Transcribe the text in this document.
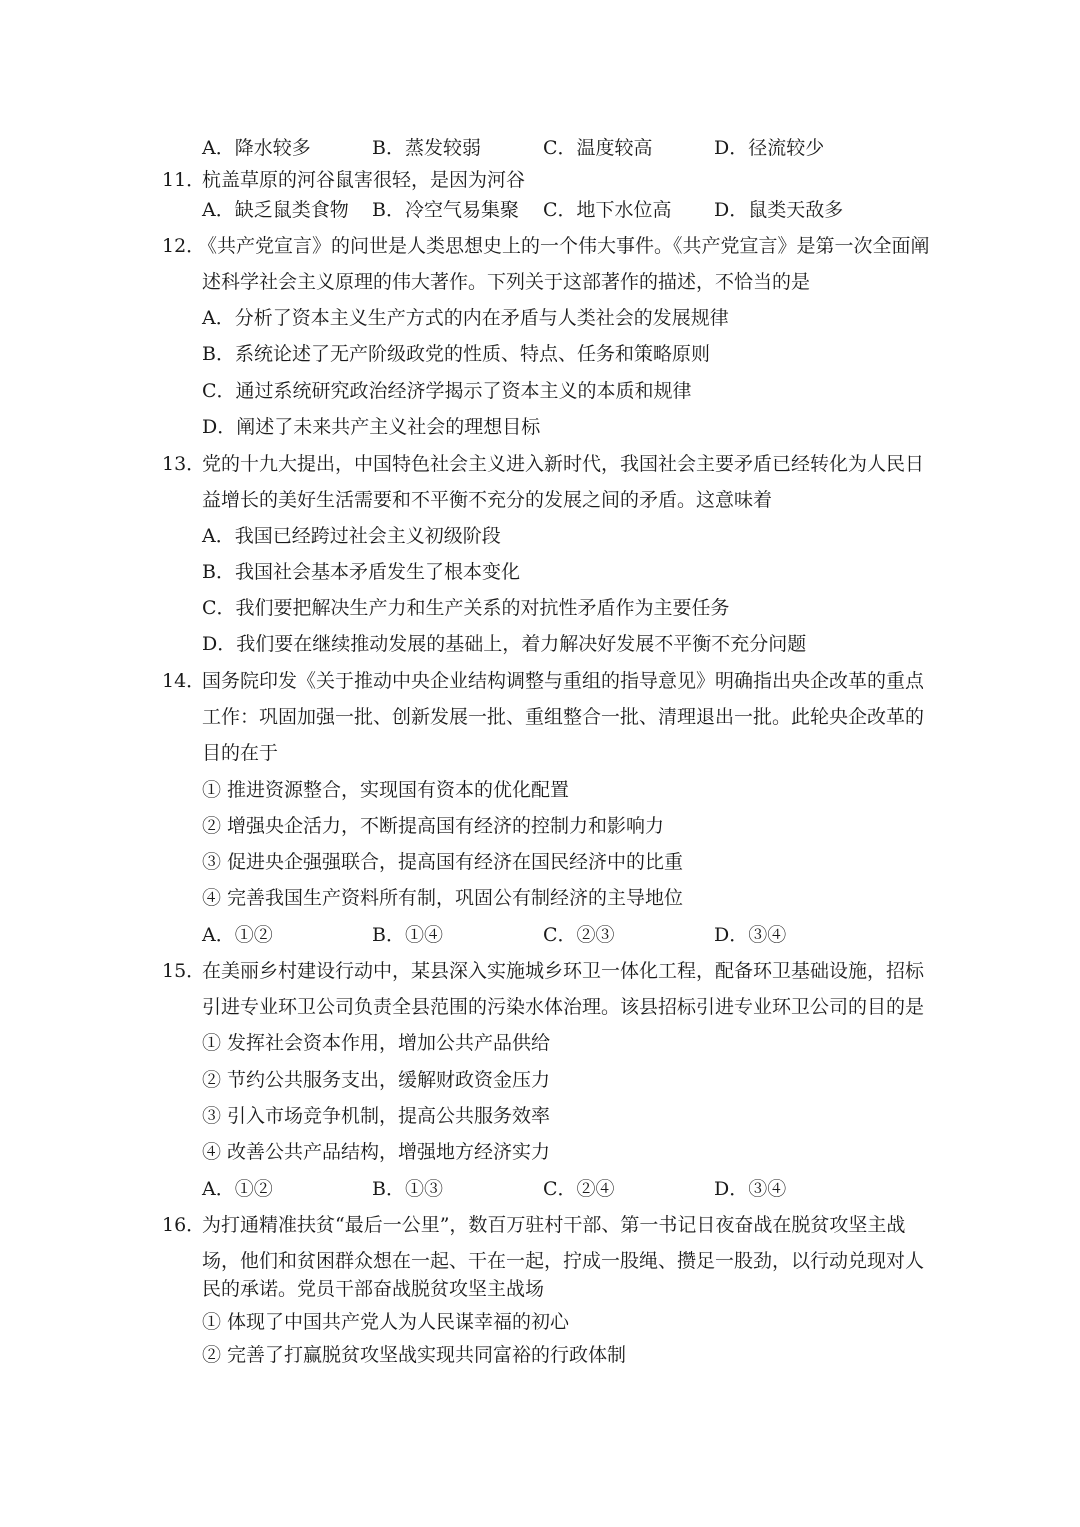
A．降水较多	B．蒸发较弱	C．温度较高	D．径流较少
11．
杭盖草原的河谷鼠害很轻，是因为河谷
A．缺乏鼠类食物 B．冷空气易集聚 C．地下水位高 D．鼠类天敌多
12．
《共产党宣言》的问世是人类思想史上的一个伟大事件。《共产党宣言》是第一次全面阐
述科学社会主义原理的伟大著作。下列关于这部著作的描述，不恰当的是
A．分析了资本主义生产方式的内在矛盾与人类社会的发展规律
B．系统论述了无产阶级政党的性质、特点、任务和策略原则
C．通过系统研究政治经济学揭示了资本主义的本质和规律
D．阐述了未来共产主义社会的理想目标
13．
党的十九大提出，中国特色社会主义进入新时代，我国社会主要矛盾已经转化为人民日
益增长的美好生活需要和不平衡不充分的发展之间的矛盾。这意味着
A．我国已经跨过社会主义初级阶段
B．我国社会基本矛盾发生了根本变化
C．我们要把解决生产力和生产关系的对抗性矛盾作为主要任务
D．我们要在继续推动发展的基础上，着力解决好发展不平衡不充分问题
14．
国务院印发《关于推动中央企业结构调整与重组的指导意见》明确指出央企改革的重点
工作：巩固加强一批、创新发展一批、重组整合一批、清理退出一批。此轮央企改革的
目的在于
① 推进资源整合，实现国有资本的优化配置
② 增强央企活力，不断提高国有经济的控制力和影响力
③ 促进央企强强联合，提高国有经济在国民经济中的比重
④ 完善我国生产资料所有制，巩固公有制经济的主导地位
A．①②	B．①④	C．②③	D．③④
15．
在美丽乡村建设行动中，某县深入实施城乡环卫一体化工程，配备环卫基础设施，招标
引进专业环卫公司负责全县范围的污染水体治理。该县招标引进专业环卫公司的目的是
① 发挥社会资本作用，增加公共产品供给
② 节约公共服务支出，缓解财政资金压力
③ 引入市场竞争机制，提高公共服务效率
④ 改善公共产品结构，增强地方经济实力
A．①②	B．①③	C．②④	D．③④
16．
为打通精准扶贫“最后一公里”，数百万驻村干部、第一书记日夜奋战在脱贫攻坚主战
场，他们和贫困群众想在一起、干在一起，拧成一股绳、攒足一股劲，以行动兑现对人
民的承诺。党员干部奋战脱贫攻坚主战场
① 体现了中国共产党人为人民谋幸福的初心
② 完善了打赢脱贫攻坚战实现共同富裕的行政体制
